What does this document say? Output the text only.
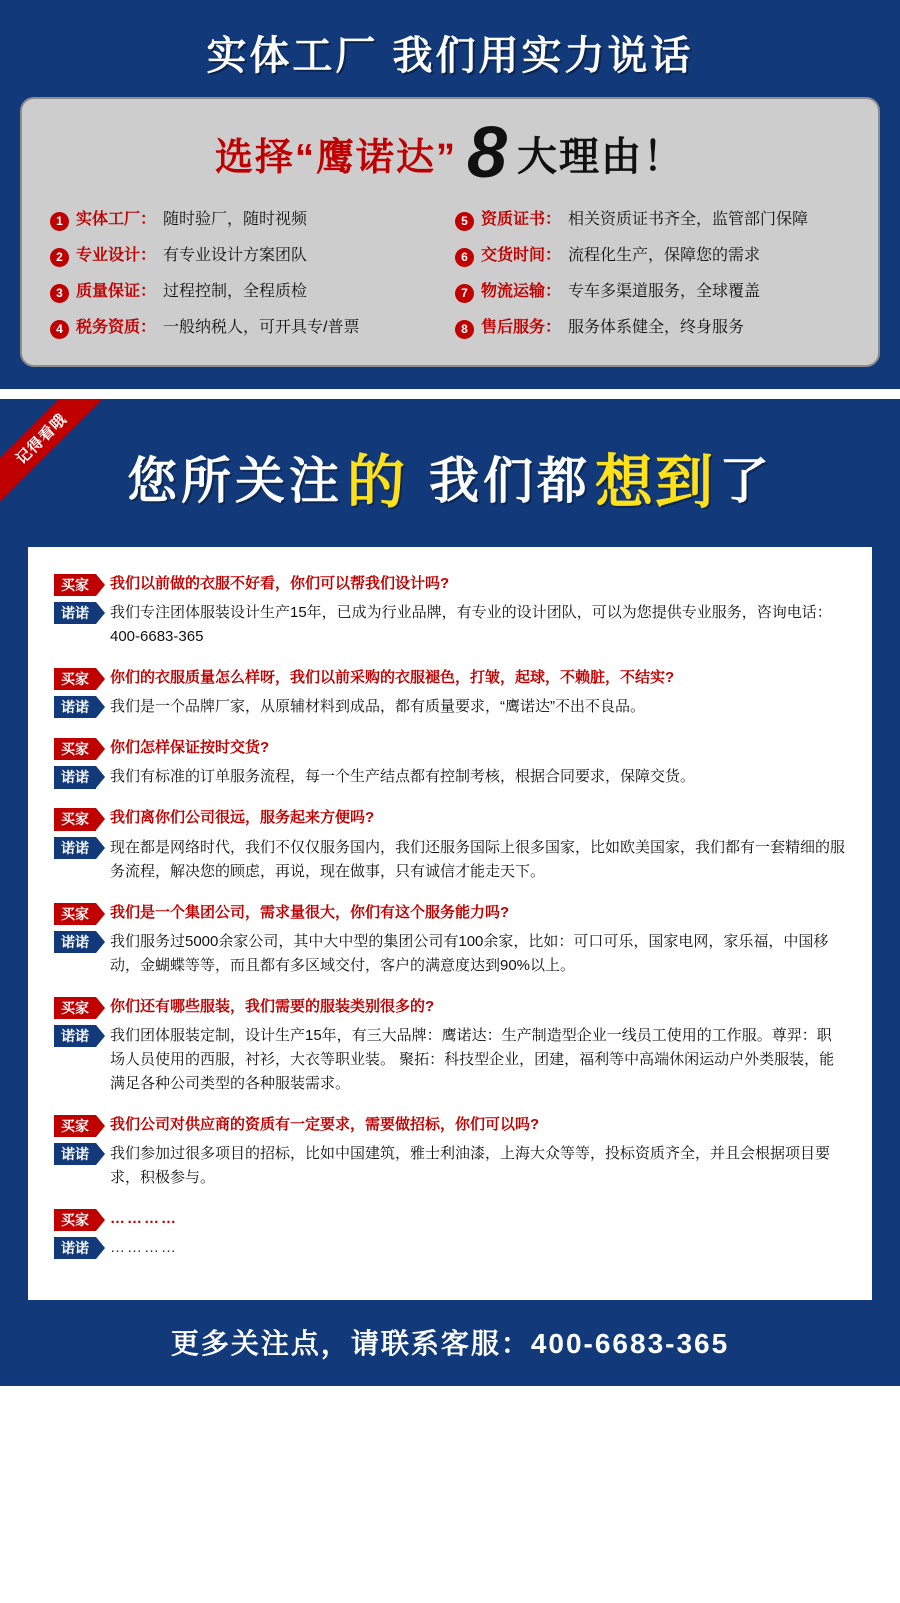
实体工厂 我们用实力说话
选择“鹰诺达” 8 大理由！
1 实体工厂： 随时验厂，随时视频	5 资质证书： 相关资质证书齐全，监管部门保障
2 专业设计： 有专业设计方案团队	6 交货时间： 流程化生产，保障您的需求
3 质量保证： 过程控制，全程质检	7 物流运输： 专车多渠道服务，全球覆盖
4 税务资质： 一般纳税人，可开具专/普票	8 售后服务： 服务体系健全，终身服务
记得看哦
您所关注 的 我们都 想到 了
买家	我们以前做的衣服不好看，你们可以帮我们设计吗?
诺诺	我们专注团体服装设计生产15年，已成为行业品牌，有专业的设计团队，可以为您提供专业服务，咨询电话：400-6683-365
买家	你们的衣服质量怎么样呀，我们以前采购的衣服褪色，打皱，起球，不赖脏，不结实?
诺诺	我们是一个品牌厂家，从原辅材料到成品，都有质量要求，“鹰诺达”不出不良品。
买家	你们怎样保证按时交货?
诺诺	我们有标准的订单服务流程，每一个生产结点都有控制考核，根据合同要求，保障交货。
买家	我们离你们公司很远，服务起来方便吗?
诺诺	现在都是网络时代，我们不仅仅服务国内，我们还服务国际上很多国家，比如欧美国家，我们都有一套精细的服务流程，解决您的顾虑，再说，现在做事，只有诚信才能走天下。
买家	我们是一个集团公司，需求量很大，你们有这个服务能力吗?
诺诺	我们服务过5000余家公司，其中大中型的集团公司有100余家，比如：可口可乐，国家电网，家乐福，中国移动，金蝴蝶等等，而且都有多区域交付，客户的满意度达到90%以上。
买家	你们还有哪些服装，我们需要的服装类别很多的?
诺诺	我们团体服装定制，设计生产15年，有三大品牌：鹰诺达：生产制造型企业一线员工使用的工作服。尊羿：职场人员使用的西服，衬衫，大衣等职业装。 聚拓：科技型企业，团建，福利等中高端休闲运动户外类服装，能满足各种公司类型的各种服装需求。
买家	我们公司对供应商的资质有一定要求，需要做招标，你们可以吗?
诺诺	我们参加过很多项目的招标，比如中国建筑，雅士利油漆，上海大众等等，投标资质齐全，并且会根据项目要求，积极参与。
买家	…………
诺诺	…………
更多关注点，请联系客服：400-6683-365
